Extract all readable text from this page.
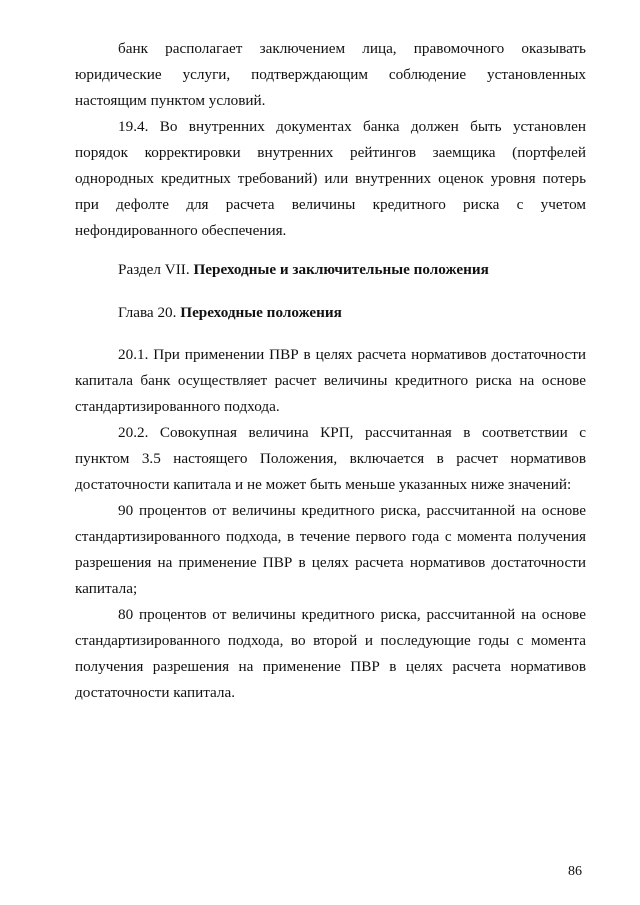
банк располагает заключением лица, правомочного оказывать юридические услуги, подтверждающим соблюдение установленных настоящим пунктом условий.

19.4. Во внутренних документах банка должен быть установлен порядок корректировки внутренних рейтингов заемщика (портфелей однородных кредитных требований) или внутренних оценок уровня потерь при дефолте для расчета величины кредитного риска с учетом нефондированного обеспечения.

Раздел VII. Переходные и заключительные положения

Глава 20. Переходные положения

20.1. При применении ПВР в целях расчета нормативов достаточности капитала банк осуществляет расчет величины кредитного риска на основе стандартизированного подхода.

20.2. Совокупная величина КРП, рассчитанная в соответствии с пунктом 3.5 настоящего Положения, включается в расчет нормативов достаточности капитала и не может быть меньше указанных ниже значений:

90 процентов от величины кредитного риска, рассчитанной на основе стандартизированного подхода, в течение первого года с момента получения разрешения на применение ПВР в целях расчета нормативов достаточности капитала;

80 процентов от величины кредитного риска, рассчитанной на основе стандартизированного подхода, во второй и последующие годы с момента получения разрешения на применение ПВР в целях расчета нормативов достаточности капитала.

86
